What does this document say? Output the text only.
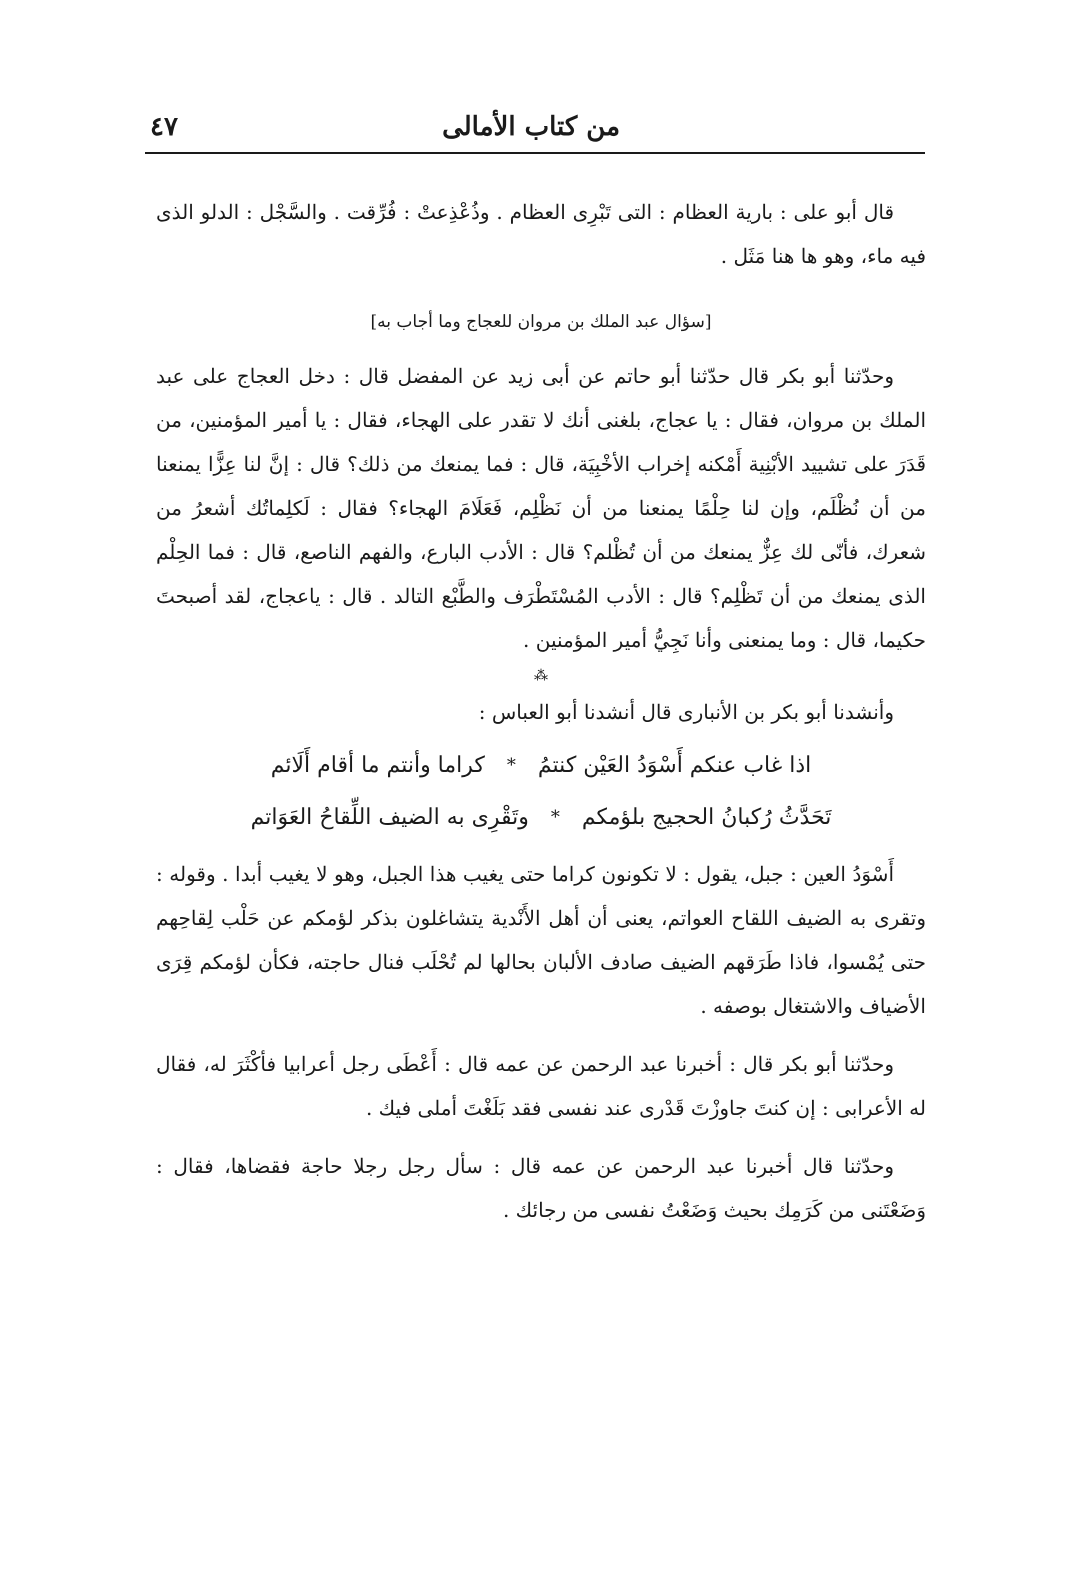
من كتاب الأمالى
٤٧

قال أبو على : بارية العظام : التى تَبْرِى العظام . وذُعْذِعتْ : فُرِّقت . والسَّجْل : الدلو الذى فيه ماء، وهو ها هنا مَثَل .

[سؤال عبد الملك بن مروان للعجاج وما أجاب به]

وحدّثنا أبو بكر قال حدّثنا أبو حاتم عن أبى زيد عن المفضل قال : دخل العجاج على عبد الملك بن مروان، فقال : يا عجاج، بلغنى أنك لا تقدر على الهجاء، فقال : يا أمير المؤمنين، من قَدَرَ على تشييد الأبْنِية أَمْكنه إخراب الأخْبِيَة، قال : فما يمنعك من ذلك؟ قال : إنَّ لنا عِزًّا يمنعنا من أن نُظْلَم، وإن لنا حِلْمًا يمنعنا من أن نَظْلِم، فَعَلَامَ الهجاء؟ فقال : لَكلِماتُك أشعرُ من شعرك، فأنّى لك عِزٌّ يمنعك من أن تُظْلم؟ قال : الأدب البارع، والفهم الناصع، قال : فما الحِلْم الذى يمنعك من أن تَظْلِم؟ قال : الأدب المُسْتَطْرَف والطَّبْع التالد . قال : ياعجاج، لقد أصبحتَ حكيما، قال : وما يمنعنى وأنا نَجِيُّ أمير المؤمنين .

⁂

وأنشدنا أبو بكر بن الأنبارى قال أنشدنا أبو العباس :

اذا غاب عنكم أَسْوَدُ العَيْن كنتمُ
*
كراما وأنتم ما أقام أَلَائم
تَحَدَّثُ رُكبانُ الحجيج بلؤمكم
*
وتَقْرِى به الضيف اللِّقاحُ العَوَاتم

أَسْوَدُ العين : جبل، يقول : لا تكونون كراما حتى يغيب هذا الجبل، وهو لا يغيب أبدا . وقوله : وتقرى به الضيف اللقاح العواتم، يعنى أن أهل الأَنْدية يتشاغلون بذكر لؤمكم عن حَلْب لِقاحِهم حتى يُمْسوا، فاذا طَرَقهم الضيف صادف الألبان بحالها لم تُحْلَب فنال حاجته، فكأن لؤمكم قِرَى الأضياف والاشتغال بوصفه .

وحدّثنا أبو بكر قال : أخبرنا عبد الرحمن عن عمه قال : أَعْطَى رجل أعرابيا فأكْثَرَ له، فقال له الأعرابى : إن كنتَ جاوزْتَ قَدْرى عند نفسى فقد بَلَغْتَ أملى فيك .

وحدّثنا قال أخبرنا عبد الرحمن عن عمه قال : سأل رجل رجلا حاجة فقضاها، فقال : وَضَعْتَنى من كَرَمِك بحيث وَضَعْتُ نفسى من رجائك .
